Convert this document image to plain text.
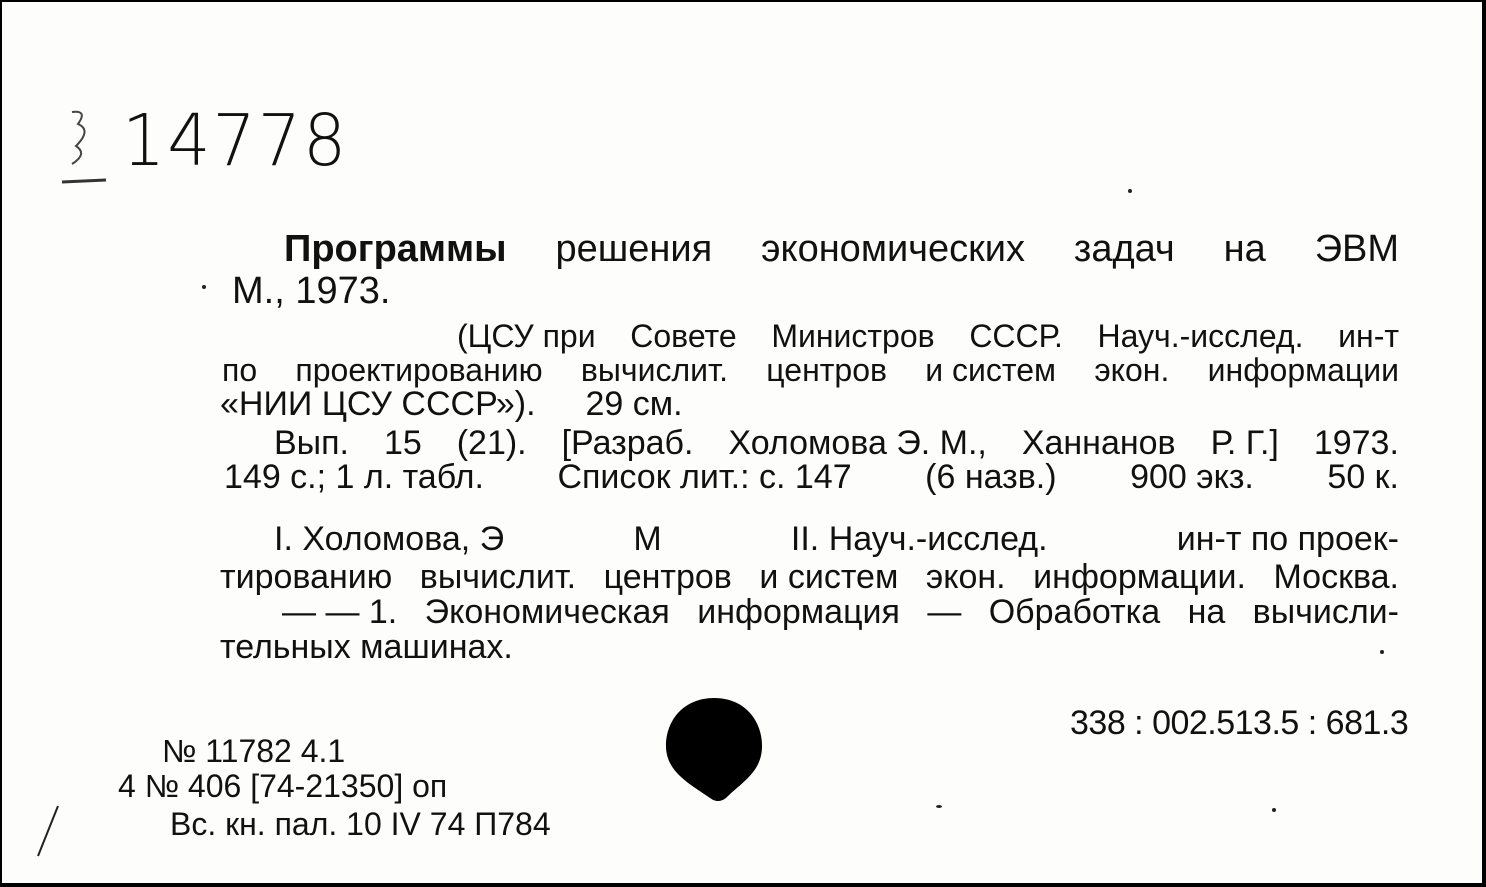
14778
Программы решения экономических задач на ЭВМ
М., 1973.
(ЦСУ при Совете Министров СССР. Науч.-исслед. ин-т
по проектированию вычислит. центров и систем экон. информации
«НИИ ЦСУ СССР»). 29 см.
Вып. 15 (21). [Разраб. Холомова Э. М., Ханнанов Р. Г.] 1973.
149 с.; 1 л. табл. Список лит.: с. 147 (6 назв.) 900 экз. 50 к.
I. Холомова, Э	М	II. Науч.-исслед.	ин-т по проек-
тированию вычислит. центров и систем экон. информации. Москва.
— — 1. Экономическая информация — Обработка на вычисли-
тельных машинах.
338 : 002.513.5 : 681.3
№ 11782 4.1
4 № 406 [74-21350] оп
Вс. кн. пал. 10 IV 74 П784
